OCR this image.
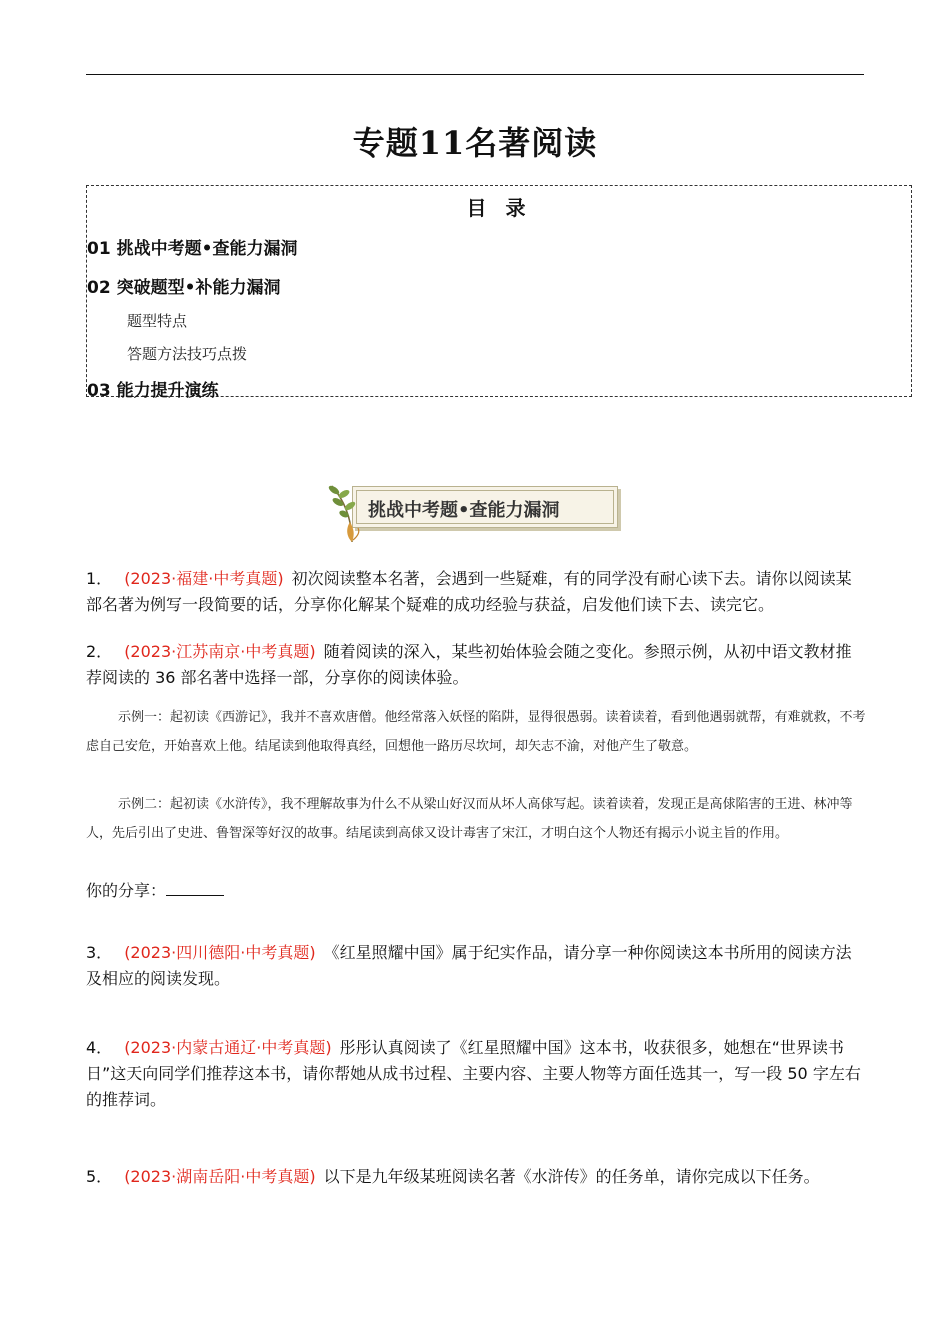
专题11名著阅读
目 录
01 挑战中考题•查能力漏洞
02 突破题型•补能力漏洞
题型特点
答题方法技巧点拨
03 能力提升演练
挑战中考题•查能力漏洞
1． (2023·福建·中考真题) 初次阅读整本名著，会遇到一些疑难，有的同学没有耐心读下去。请你以阅读某部名著为例写一段简要的话，分享你化解某个疑难的成功经验与获益，启发他们读下去、读完它。
2． (2023·江苏南京·中考真题) 随着阅读的深入，某些初始体验会随之变化。参照示例，从初中语文教材推荐阅读的 36 部名著中选择一部，分享你的阅读体验。
示例一：起初读《西游记》，我并不喜欢唐僧。他经常落入妖怪的陷阱，显得很愚弱。读着读着，看到他遇弱就帮，有难就救，不考虑自己安危，开始喜欢上他。结尾读到他取得真经，回想他一路历尽坎坷，却矢志不渝，对他产生了敬意。
示例二：起初读《水浒传》，我不理解故事为什么不从梁山好汉而从坏人高俅写起。读着读着，发现正是高俅陷害的王进、林冲等人，先后引出了史进、鲁智深等好汉的故事。结尾读到高俅又设计毒害了宋江，才明白这个人物还有揭示小说主旨的作用。
你的分享：
3． (2023·四川德阳·中考真题) 《红星照耀中国》属于纪实作品，请分享一种你阅读这本书所用的阅读方法及相应的阅读发现。
4． (2023·内蒙古通辽·中考真题) 彤彤认真阅读了《红星照耀中国》这本书，收获很多，她想在“世界读书日”这天向同学们推荐这本书，请你帮她从成书过程、主要内容、主要人物等方面任选其一，写一段 50 字左右的推荐词。
5． (2023·湖南岳阳·中考真题) 以下是九年级某班阅读名著《水浒传》的任务单，请你完成以下任务。
